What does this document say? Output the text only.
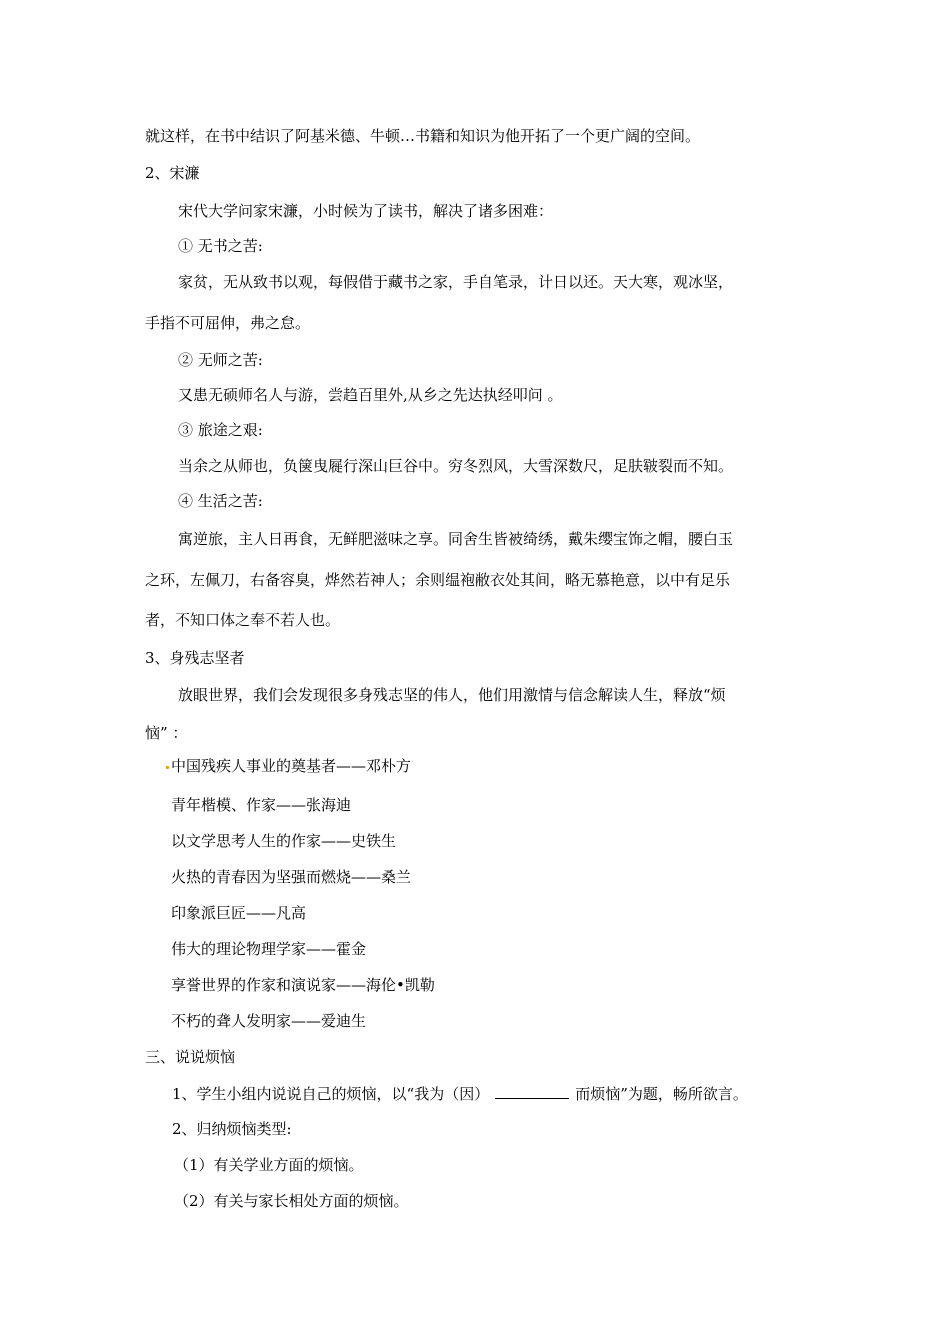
就这样，在书中结识了阿基米德、牛顿…书籍和知识为他开拓了一个更广阔的空间。
2、宋濂
宋代大学问家宋濂，小时候为了读书，解决了诸多困难：
① 无书之苦:
家贫，无从致书以观，每假借于藏书之家，手自笔录，计日以还。天大寒，观冰坚，
手指不可屈伸，弗之怠。
② 无师之苦:
又患无硕师名人与游，尝趋百里外,从乡之先达执经叩问 。
③ 旅途之艰:
当余之从师也，负箧曳屣行深山巨谷中。穷冬烈风，大雪深数尺，足肤皲裂而不知。
④ 生活之苦:
寓逆旅，主人日再食，无鲜肥滋味之享。同舍生皆被绮绣，戴朱缨宝饰之帽，腰白玉
之环，左佩刀，右备容臭，烨然若神人；余则缊袍敝衣处其间，略无慕艳意，以中有足乐
者，不知口体之奉不若人也。
3、身残志坚者
放眼世界，我们会发现很多身残志坚的伟人，他们用激情与信念解读人生，释放“烦
恼” ：
中国残疾人事业的奠基者——邓朴方
青年楷模、作家——张海迪
以文学思考人生的作家——史铁生
火热的青春因为坚强而燃烧——桑兰
印象派巨匠——凡高
伟大的理论物理学家——霍金
享誉世界的作家和演说家——海伦•凯勒
不朽的聋人发明家——爱迪生
三、说说烦恼
1、学生小组内说说自己的烦恼，以“我为（因）	而烦恼”为题，畅所欲言。
2、归纳烦恼类型:
（1）有关学业方面的烦恼。
（2）有关与家长相处方面的烦恼。
